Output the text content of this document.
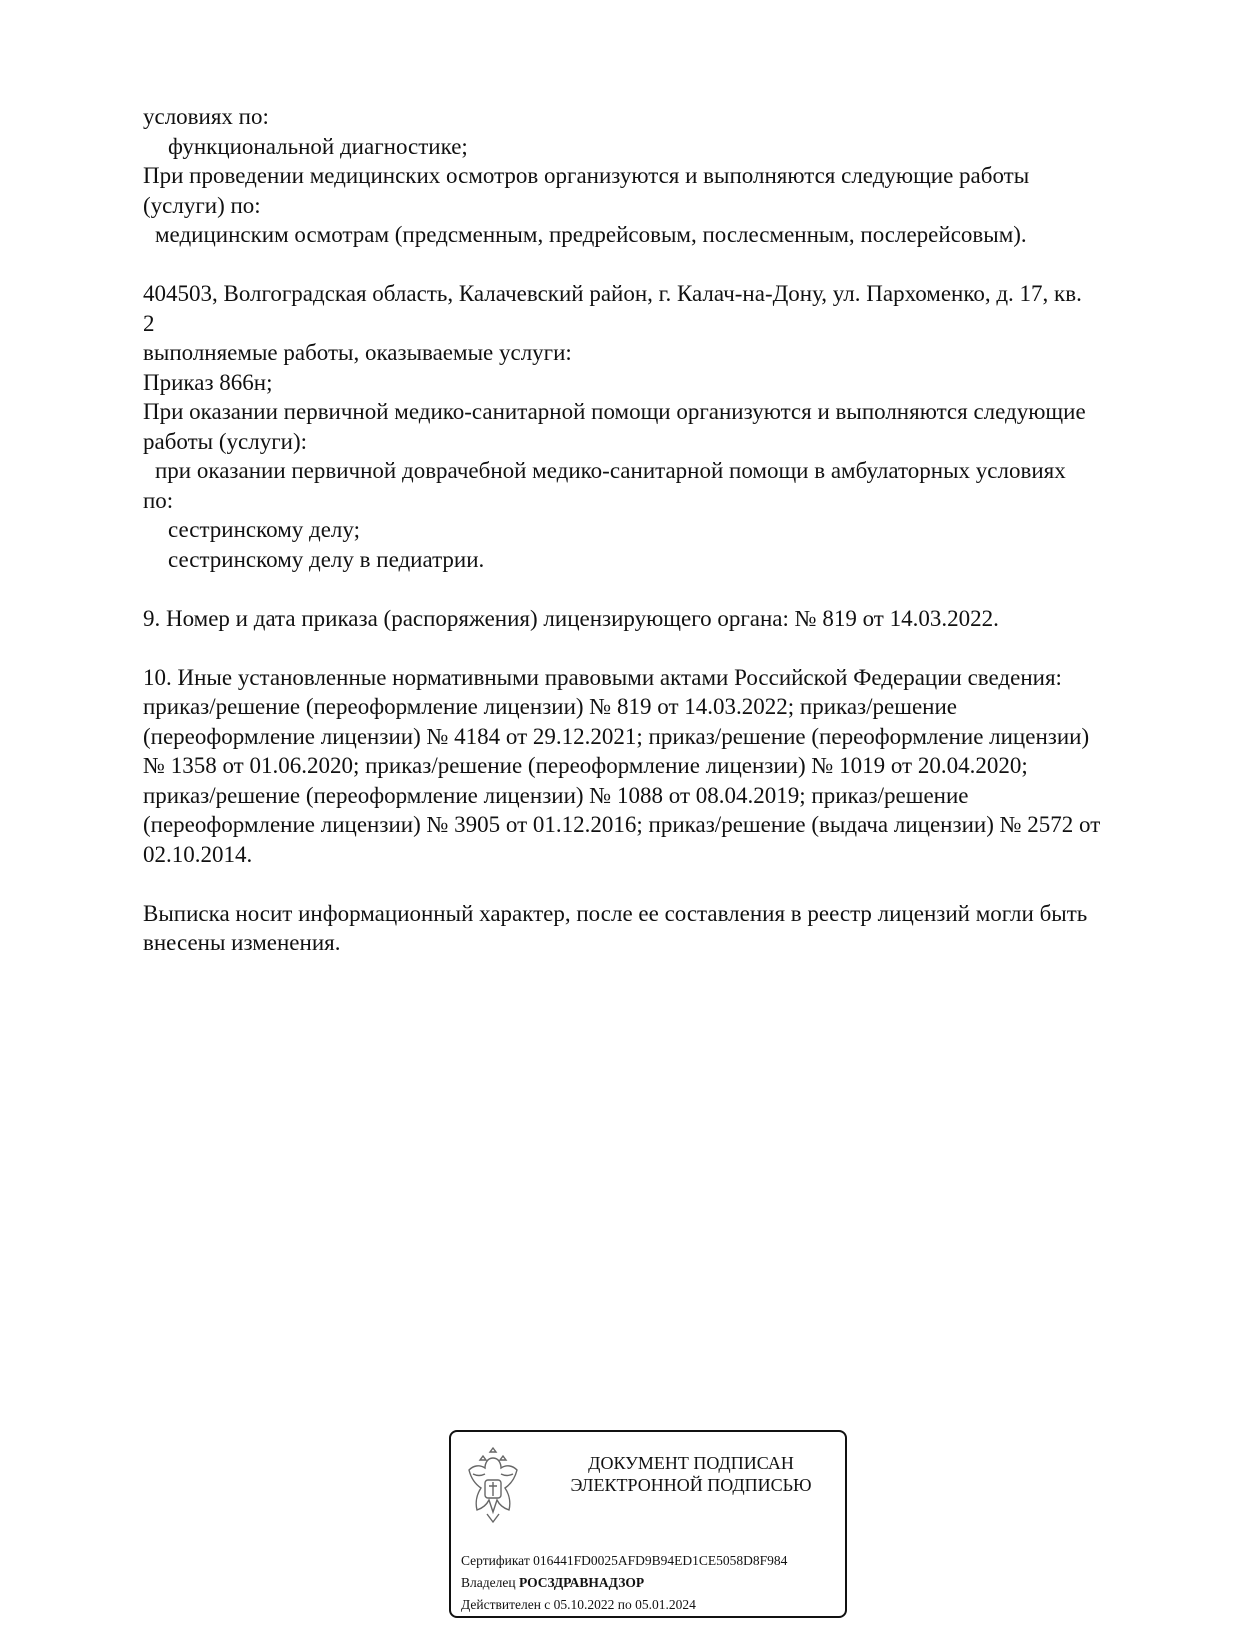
условиях по:
функциональной диагностике;
При проведении медицинских осмотров организуются и выполняются следующие работы
(услуги) по:
медицинским осмотрам (предсменным, предрейсовым, послесменным, послерейсовым).
404503, Волгоградская область, Калачевский район, г. Калач-на-Дону, ул. Пархоменко, д. 17, кв.
2
выполняемые работы, оказываемые услуги:
Приказ 866н;
При оказании первичной медико-санитарной помощи организуются и выполняются следующие
работы (услуги):
при оказании первичной доврачебной медико-санитарной помощи в амбулаторных условиях
по:
сестринскому делу;
сестринскому делу в педиатрии.
9. Номер и дата приказа (распоряжения) лицензирующего органа: № 819 от 14.03.2022.
10. Иные установленные нормативными правовыми актами Российской Федерации сведения:
приказ/решение (переоформление лицензии) № 819 от 14.03.2022; приказ/решение
(переоформление лицензии) № 4184 от 29.12.2021; приказ/решение (переоформление лицензии)
№ 1358 от 01.06.2020; приказ/решение (переоформление лицензии) № 1019 от 20.04.2020;
приказ/решение (переоформление лицензии) № 1088 от 08.04.2019; приказ/решение
(переоформление лицензии) № 3905 от 01.12.2016; приказ/решение (выдача лицензии) № 2572 от
02.10.2014.
Выписка носит информационный характер, после ее составления в реестр лицензий могли быть
внесены изменения.
ДОКУМЕНТ ПОДПИСАН
ЭЛЕКТРОННОЙ ПОДПИСЬЮ
Сертификат 016441FD0025AFD9B94ED1CE5058D8F984
Владелец РОСЗДРАВНАДЗОР
Действителен с 05.10.2022 по 05.01.2024
